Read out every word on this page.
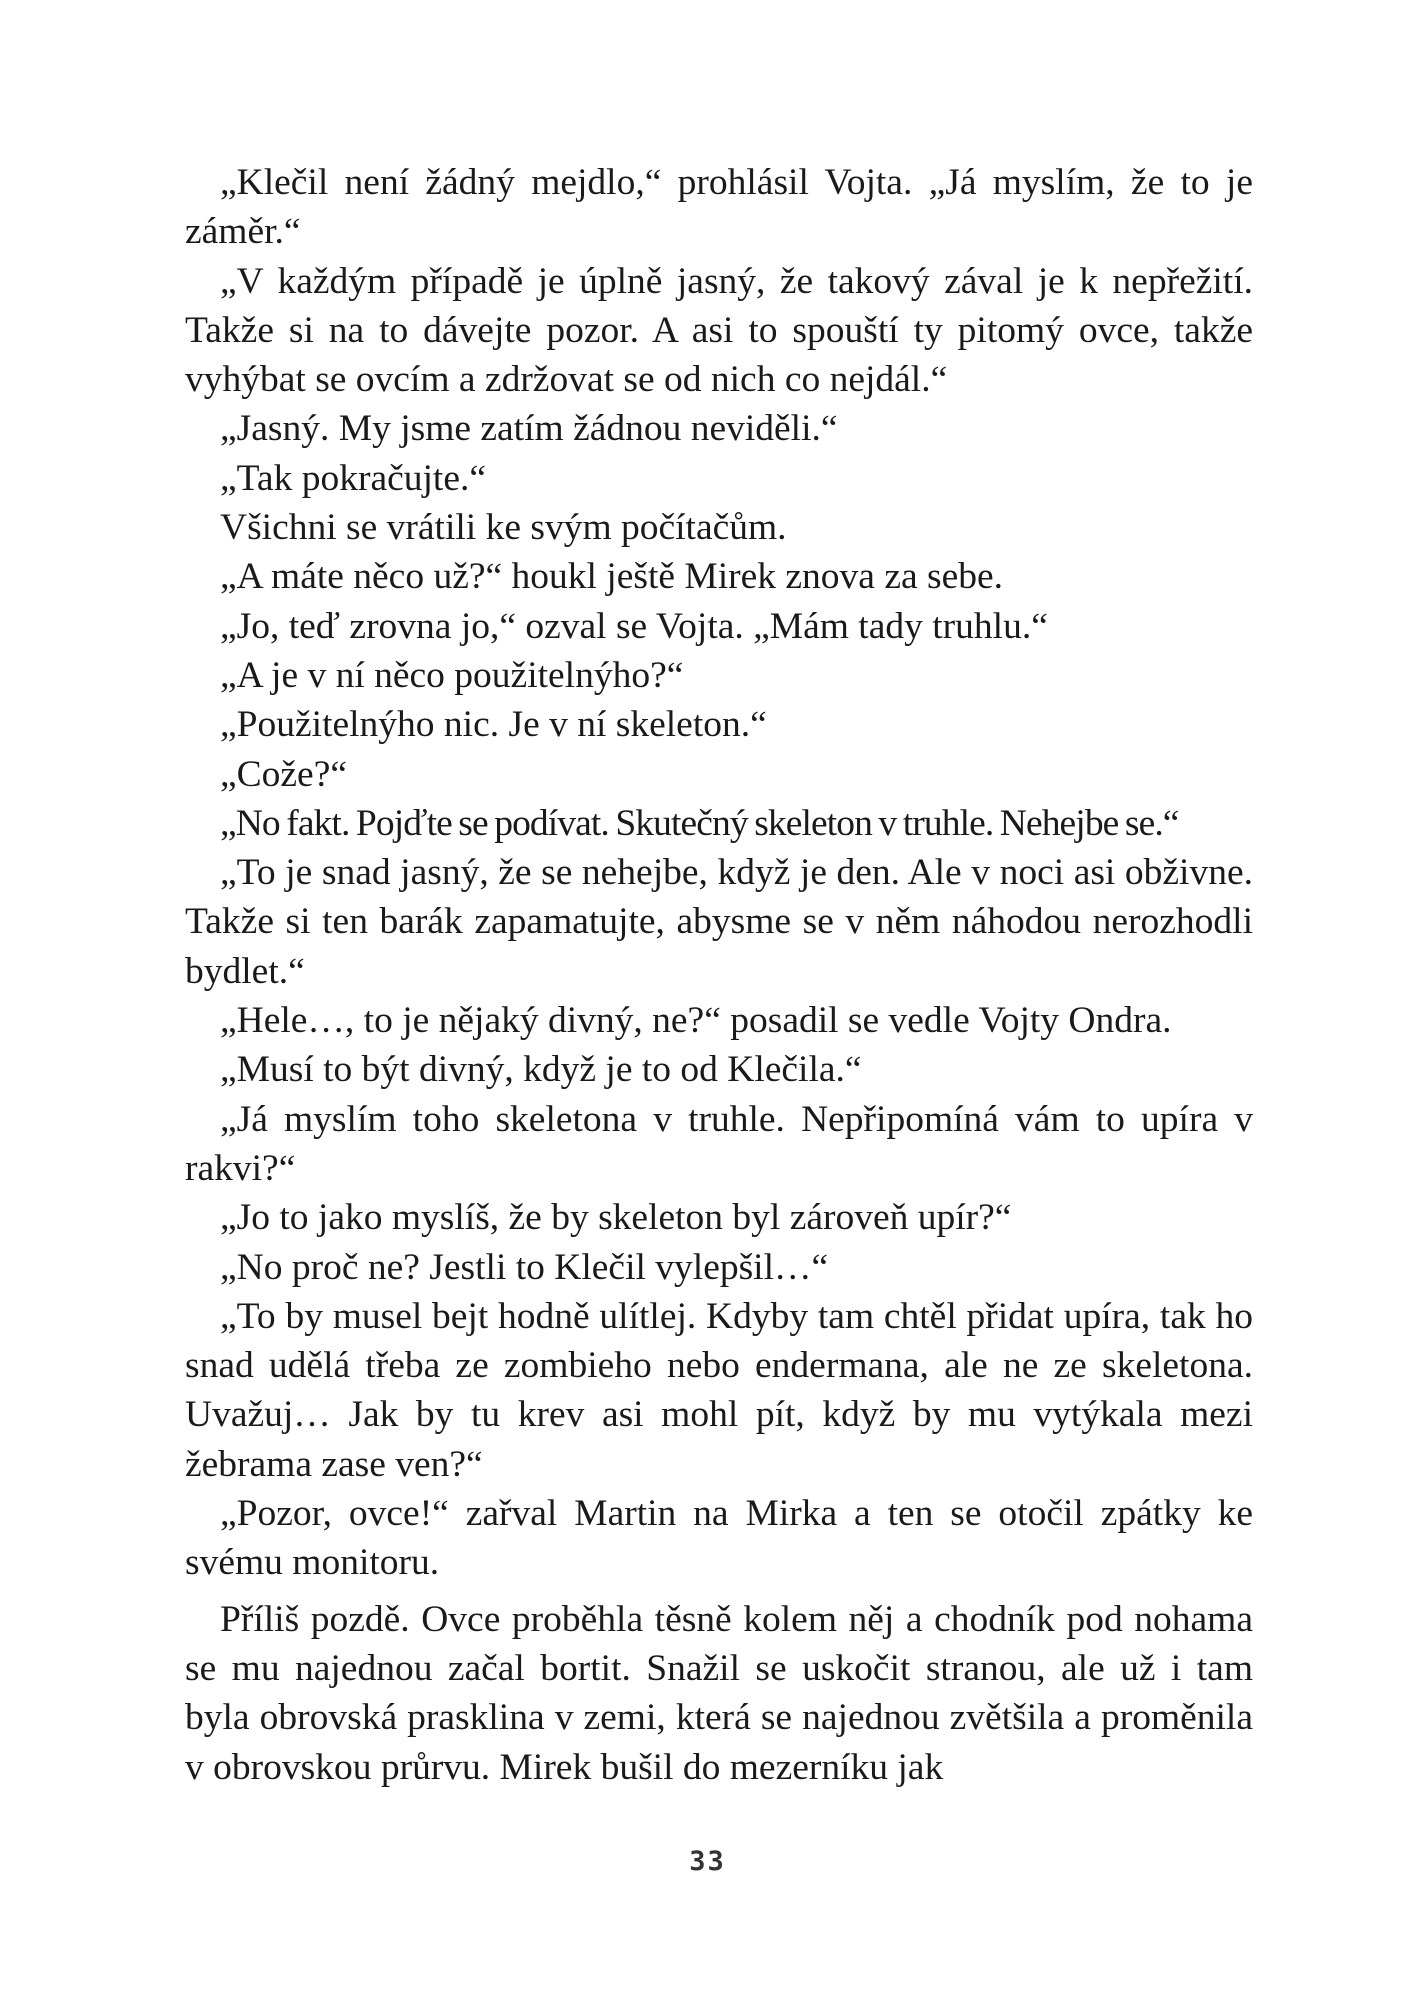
„Klečil není žádný mejdlo,“ prohlásil Vojta. „Já myslím, že to je záměr.“

„V každým případě je úplně jasný, že takový zával je k nepřežití. Takže si na to dávejte pozor. A asi to spouští ty pitomý ovce, takže vyhýbat se ovcím a zdržovat se od nich co nejdál.“

„Jasný. My jsme zatím žádnou neviděli.“

„Tak pokračujte.“

Všichni se vrátili ke svým počítačům.

„A máte něco už?“ houkl ještě Mirek znova za sebe.

„Jo, teď zrovna jo,“ ozval se Vojta. „Mám tady truhlu.“

„A je v ní něco použitelnýho?“

„Použitelnýho nic. Je v ní skeleton.“

„Cože?“

„No fakt. Pojďte se podívat. Skutečný skeleton v truhle. Nehejbe se.“

„To je snad jasný, že se nehejbe, když je den. Ale v noci asi obživne. Takže si ten barák zapamatujte, abysme se v něm náhodou nerozhodli bydlet.“

„Hele…, to je nějaký divný, ne?“ posadil se vedle Vojty Ondra.

„Musí to být divný, když je to od Klečila.“

„Já myslím toho skeletona v truhle. Nepřipomíná vám to upíra v rakvi?“

„Jo to jako myslíš, že by skeleton byl zároveň upír?“

„No proč ne? Jestli to Klečil vylepšil…“

„To by musel bejt hodně ulítlej. Kdyby tam chtěl přidat upíra, tak ho snad udělá třeba ze zombieho nebo endermana, ale ne ze skeletona. Uvažuj… Jak by tu krev asi mohl pít, když by mu vytýkala mezi žebrama zase ven?“

„Pozor, ovce!“ zařval Martin na Mirka a ten se otočil zpátky ke svému monitoru.

Příliš pozdě. Ovce proběhla těsně kolem něj a chodník pod nohama se mu najednou začal bortit. Snažil se uskočit stranou, ale už i tam byla obrovská prasklina v zemi, která se najednou zvětšila a proměnila v obrovskou průrvu. Mirek bušil do mezerníku jak

33
